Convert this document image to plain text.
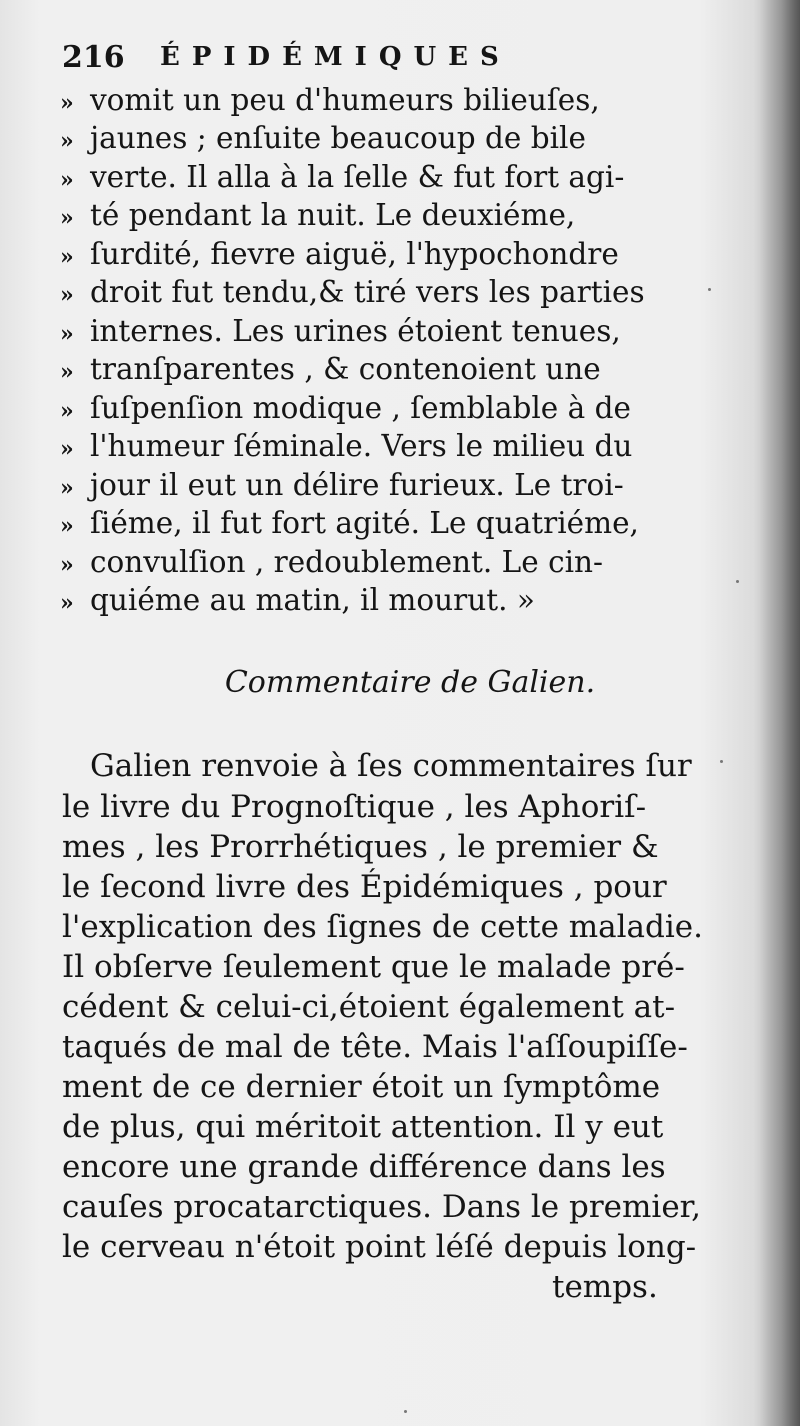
216 ÉPIDÉMIQUES
» vomit un peu d'humeurs bilieuſes,
» jaunes ; enſuite beaucoup de bile
» verte. Il alla à la ſelle & fut fort agi-
» té pendant la nuit. Le deuxiéme,
» ſurdité, fievre aiguë, l'hypochondre
» droit fut tendu,& tiré vers les parties
» internes. Les urines étoient tenues,
» tranſparentes , & contenoient une
» ſuſpenſion modique , ſemblable à de
» l'humeur ſéminale. Vers le milieu du
» jour il eut un délire furieux. Le troi-
» ſiéme, il fut fort agité. Le quatriéme,
» convulſion , redoublement. Le cin-
» quiéme au matin, il mourut. »
Commentaire de Galien.
Galien renvoie à ſes commentaires ſur
le livre du Prognoſtique , les Aphoriſ-
mes , les Prorrhétiques , le premier &
le ſecond livre des Épidémiques , pour
l'explication des ſignes de cette maladie.
Il obſerve ſeulement que le malade pré-
cédent & celui-ci,étoient également at-
taqués de mal de tête. Mais l'aſſoupiſſe-
ment de ce dernier étoit un ſymptôme
de plus, qui méritoit attention. Il y eut
encore une grande différence dans les
cauſes procatarctiques. Dans le premier,
le cerveau n'étoit point léſé depuis long-
temps.
